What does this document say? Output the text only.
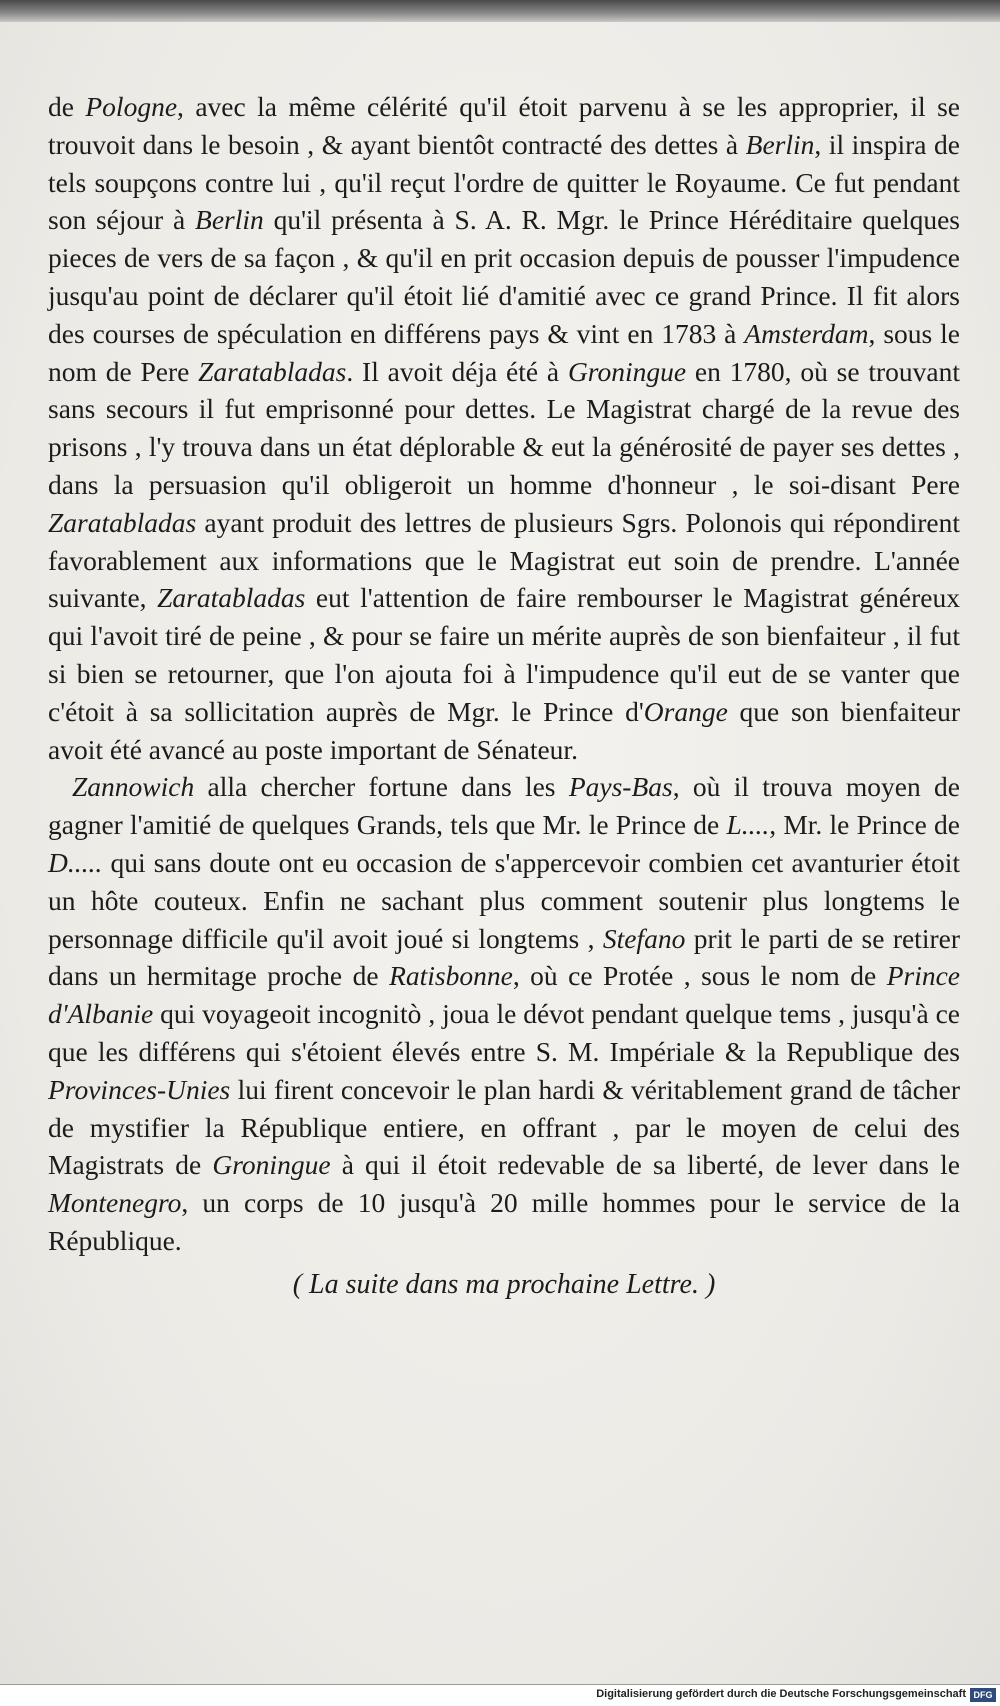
de Pologne, avec la même célérité qu'il étoit parvenu à se les approprier, il se trouvoit dans le besoin , & ayant bientôt contracté des dettes à Berlin, il inspira de tels soupçons contre lui , qu'il reçut l'ordre de quitter le Royaume. Ce fut pendant son séjour à Berlin qu'il présenta à S. A. R. Mgr. le Prince Héréditaire quelques pieces de vers de sa façon , & qu'il en prit occasion depuis de pousser l'impudence jusqu'au point de déclarer qu'il étoit lié d'amitié avec ce grand Prince. Il fit alors des courses de spéculation en différens pays & vint en 1783 à Amsterdam, sous le nom de Pere Zaratabladas. Il avoit déja été à Groningue en 1780, où se trouvant sans secours il fut emprisonné pour dettes. Le Magistrat chargé de la revue des prisons , l'y trouva dans un état déplorable & eut la générosité de payer ses dettes , dans la persuasion qu'il obligeroit un homme d'honneur , le soi-disant Pere Zaratabladas ayant produit des lettres de plusieurs Sgrs. Polonois qui répondirent favorablement aux informations que le Magistrat eut soin de prendre. L'année suivante, Zaratabladas eut l'attention de faire rembourser le Magistrat généreux qui l'avoit tiré de peine , & pour se faire un mérite auprès de son bienfaiteur , il fut si bien se retourner, que l'on ajouta foi à l'impudence qu'il eut de se vanter que c'étoit à sa sollicitation auprès de Mgr. le Prince d'Orange que son bienfaiteur avoit été avancé au poste important de Sénateur.

Zannowich alla chercher fortune dans les Pays-Bas, où il trouva moyen de gagner l'amitié de quelques Grands, tels que Mr. le Prince de L...., Mr. le Prince de D..... qui sans doute ont eu occasion de s'appercevoir combien cet avanturier étoit un hôte couteux. Enfin ne sachant plus comment soutenir plus longtems le personnage difficile qu'il avoit joué si longtems , Stefano prit le parti de se retirer dans un hermitage proche de Ratisbonne, où ce Protée , sous le nom de Prince d'Albanie qui voyageoit incognitò , joua le dévot pendant quelque tems , jusqu'à ce que les différens qui s'étoient élevés entre S. M. Impériale & la Republique des Provinces-Unies lui firent concevoir le plan hardi & véritablement grand de tâcher de mystifier la République entiere, en offrant , par le moyen de celui des Magistrats de Groningue à qui il étoit redevable de sa liberté, de lever dans le Montenegro, un corps de 10 jusqu'à 20 mille hommes pour le service de la République.

( La suite dans ma prochaine Lettre. )

Digitalisierung gefördert durch die Deutsche Forschungsgemeinschaft DFG
